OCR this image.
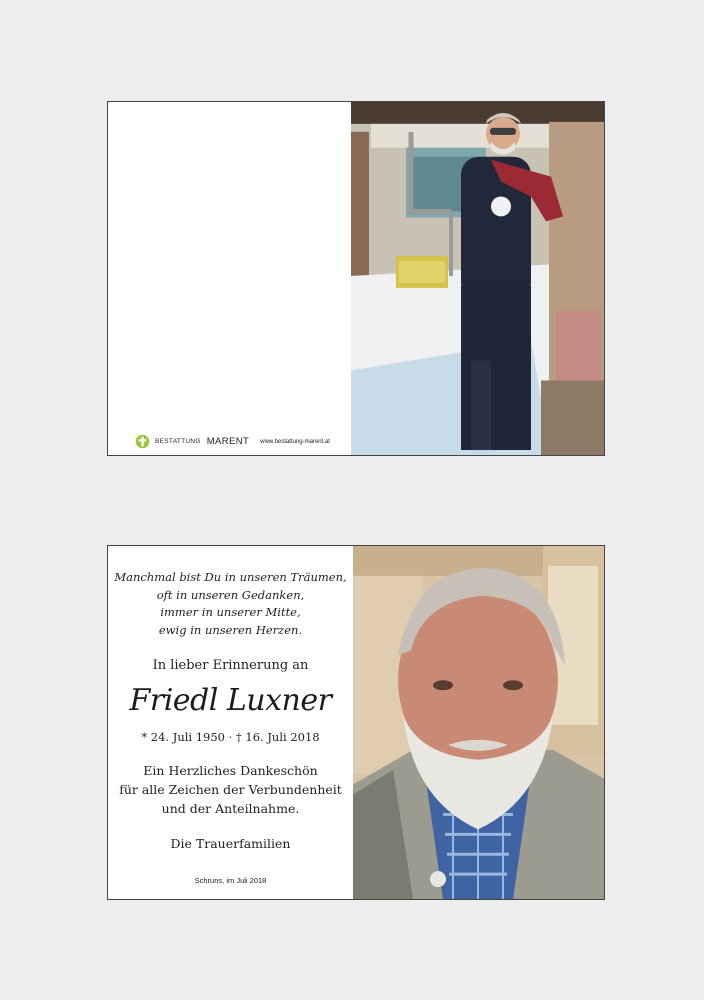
BESTATTUNG MARENT www.bestattung-marent.at
Manchmal bist Du in unseren Träumen,
oft in unseren Gedanken,
immer in unserer Mitte,
ewig in unseren Herzen.
In lieber Erinnerung an
Friedl Luxner
* 24. Juli 1950 · † 16. Juli 2018
Ein Herzliches Dankeschön
für alle Zeichen der Verbundenheit
und der Anteilnahme.
Die Trauerfamilien
Schruns, im Juli 2018
